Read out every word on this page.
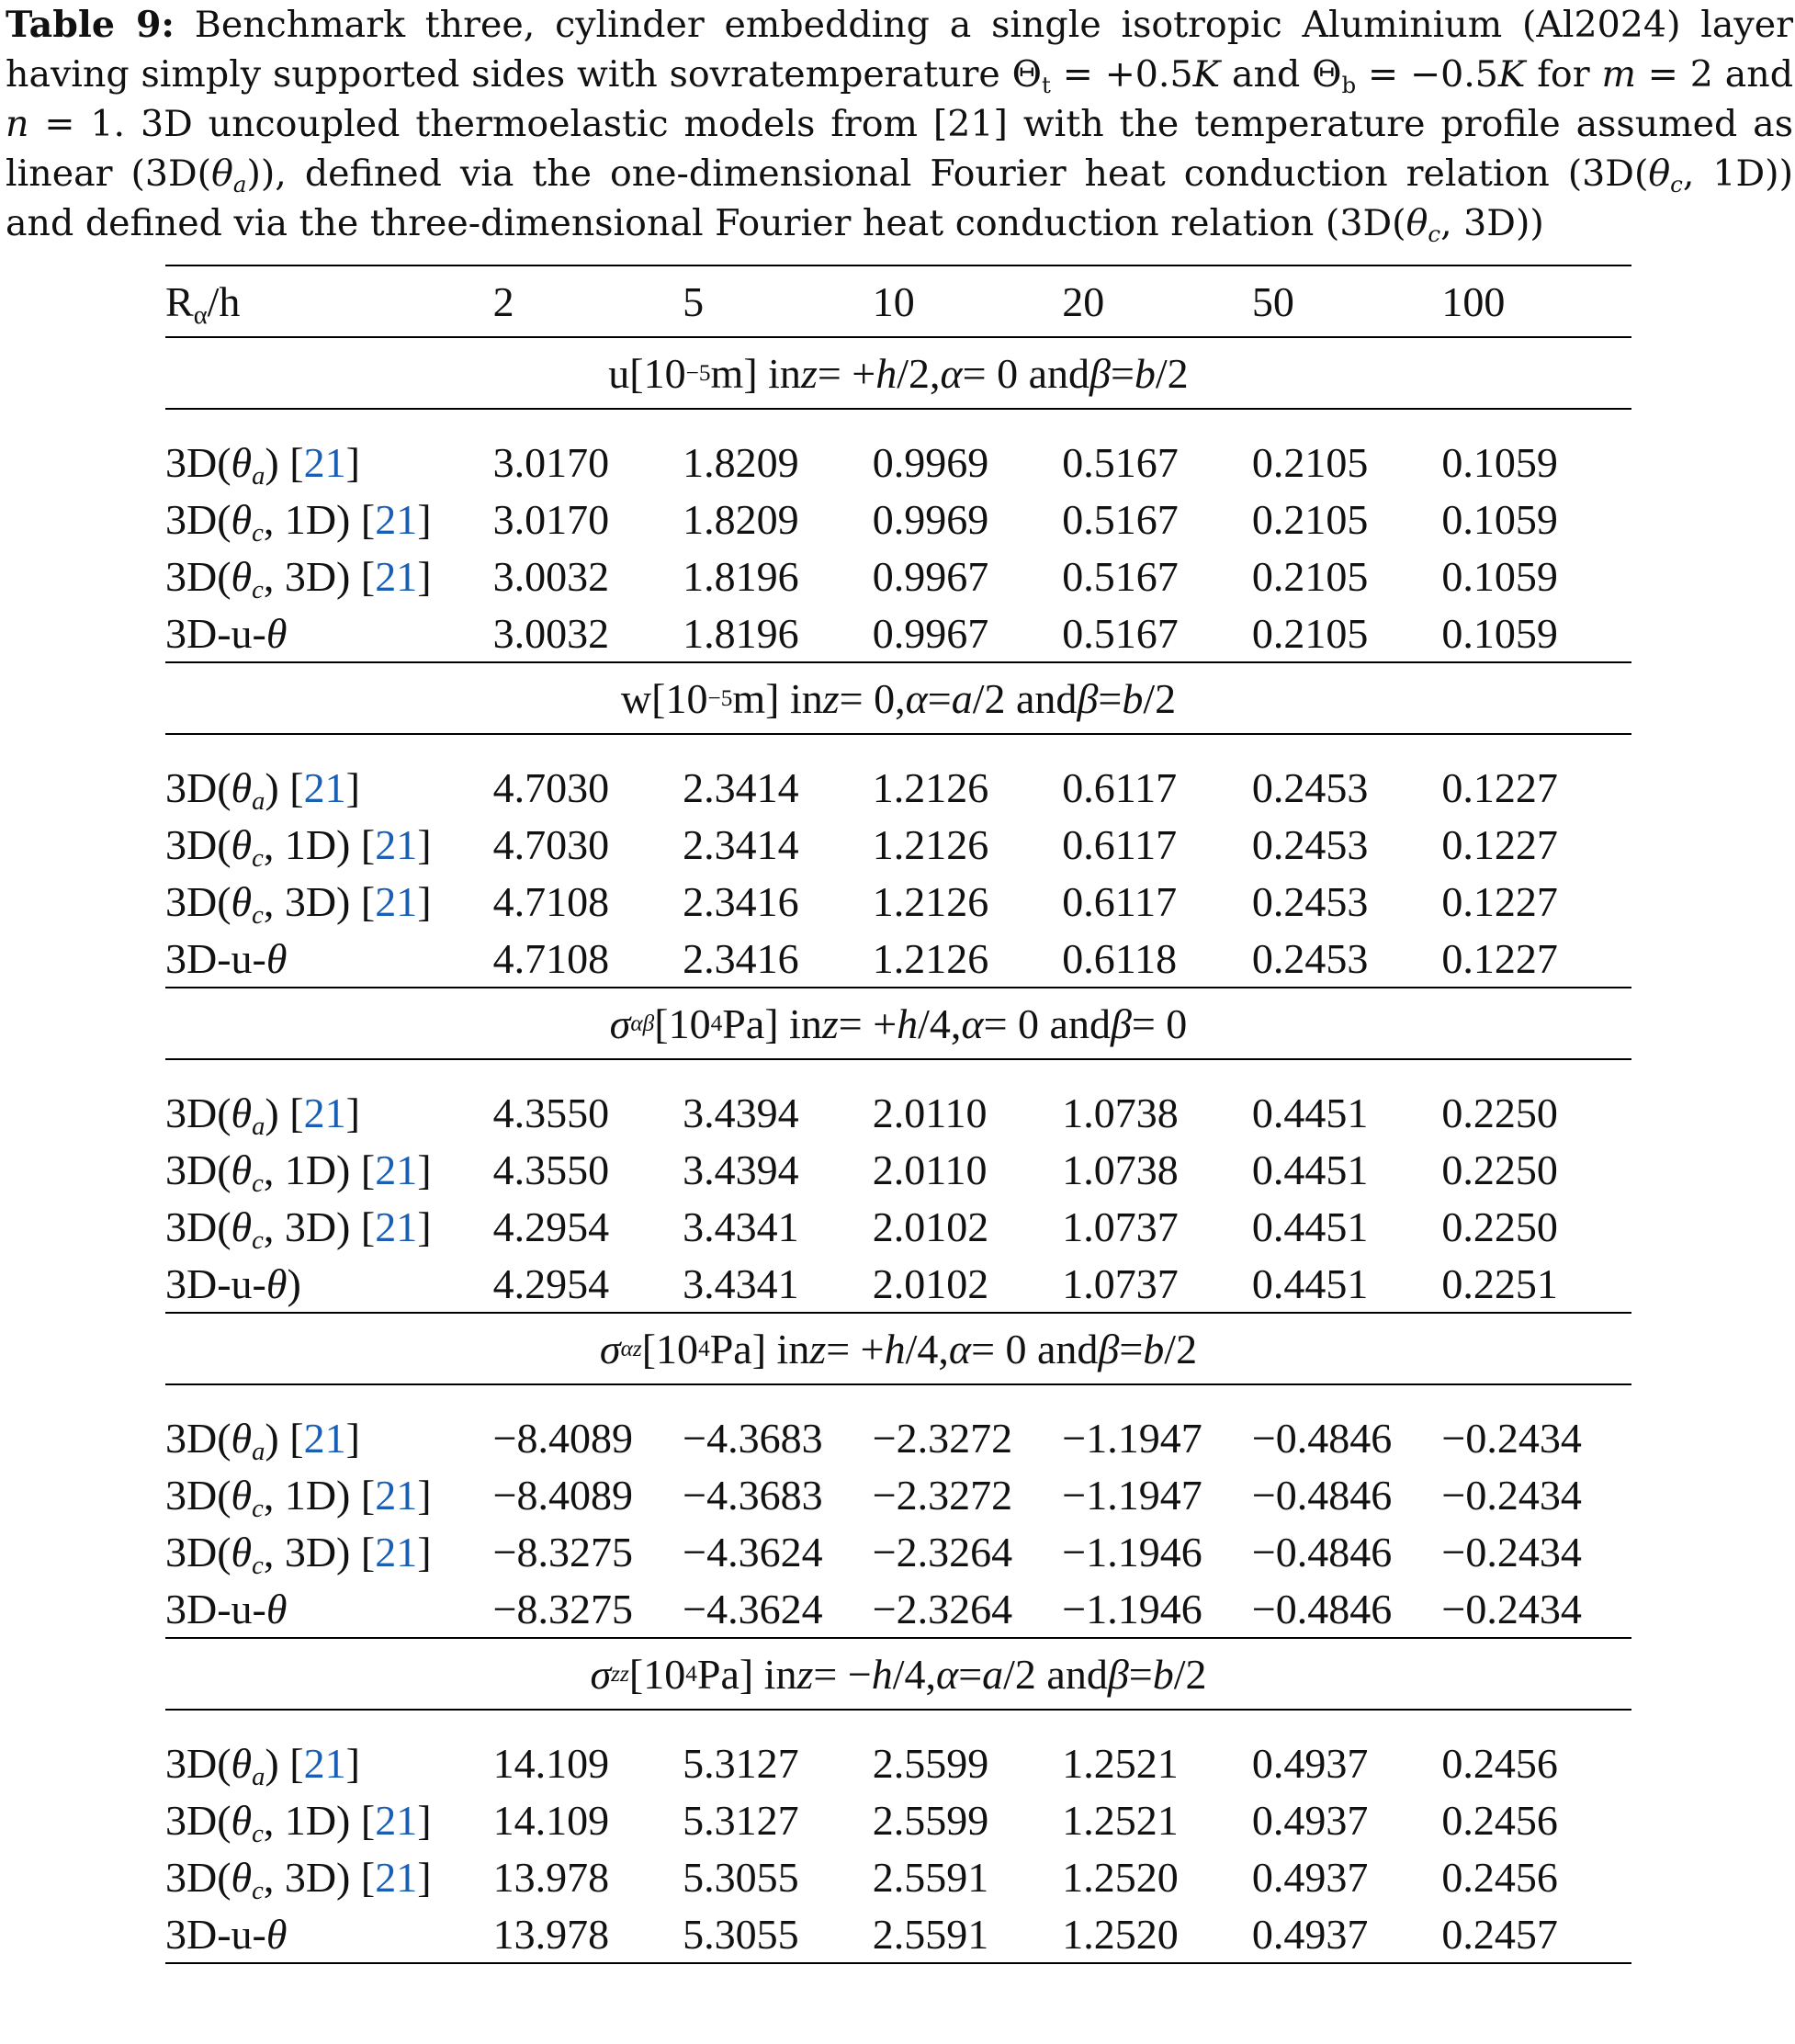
Table 9: Benchmark three, cylinder embedding a single isotropic Aluminium (Al2024) layer having simply supported sides with sovratemperature $\Theta_t = +0.5K$ and $\Theta_b = -0.5K$ for m = 2 and n = 1. 3D uncoupled thermoelastic models from [21] with the temperature profile assumed as linear $(3D(\theta_a))$, defined via the one-dimensional Fourier heat conduction relation ($3D(\theta_c$, 1D)) and defined via the three-dimensional Fourier heat conduction relation ($3D(\theta_c$, 3D))
$R_\alpha/h$	2	5	10	20	50	100
u[10 −5 m] in z = + h /2, α = 0 and β = b /2
$3D(\theta_a)$ [21]	3.0170	1.8209	0.9969	0.5167	0.2105	0.1059
$3D(\theta_c$, 1D) [21]	3.0170	1.8209	0.9969	0.5167	0.2105	0.1059
$3D(\theta_c$, 3D) [21]	3.0032	1.8196	0.9967	0.5167	0.2105	0.1059
3D-u-θ	3.0032	1.8196	0.9967	0.5167	0.2105	0.1059
w[10 −5 m] in z = 0, α = a /2 and β = b /2
$3D(\theta_a)$ [21]	4.7030	2.3414	1.2126	0.6117	0.2453	0.1227
$3D(\theta_c$, 1D) [21]	4.7030	2.3414	1.2126	0.6117	0.2453	0.1227
$3D(\theta_c$, 3D) [21]	4.7108	2.3416	1.2126	0.6117	0.2453	0.1227
3D-u-θ	4.7108	2.3416	1.2126	0.6118	0.2453	0.1227
σ αβ [10 4 Pa] in z = + h /4, α = 0 and β = 0
$3D(\theta_a)$ [21]	4.3550	3.4394	2.0110	1.0738	0.4451	0.2250
$3D(\theta_c$, 1D) [21]	4.3550	3.4394	2.0110	1.0738	0.4451	0.2250
$3D(\theta_c$, 3D) [21]	4.2954	3.4341	2.0102	1.0737	0.4451	0.2250
3D-u-θ)	4.2954	3.4341	2.0102	1.0737	0.4451	0.2251
σ αz [10 4 Pa] in z = + h /4, α = 0 and β = b /2
$3D(\theta_a)$ [21]	−8.4089	−4.3683	−2.3272	−1.1947	−0.4846	−0.2434
$3D(\theta_c$, 1D) [21]	−8.4089	−4.3683	−2.3272	−1.1947	−0.4846	−0.2434
$3D(\theta_c$, 3D) [21]	−8.3275	−4.3624	−2.3264	−1.1946	−0.4846	−0.2434
3D-u-θ	−8.3275	−4.3624	−2.3264	−1.1946	−0.4846	−0.2434
σ zz [10 4 Pa] in z = − h /4, α = a /2 and β = b /2
$3D(\theta_a)$ [21]	14.109	5.3127	2.5599	1.2521	0.4937	0.2456
$3D(\theta_c$, 1D) [21]	14.109	5.3127	2.5599	1.2521	0.4937	0.2456
$3D(\theta_c$, 3D) [21]	13.978	5.3055	2.5591	1.2520	0.4937	0.2456
3D-u-θ	13.978	5.3055	2.5591	1.2520	0.4937	0.2457
